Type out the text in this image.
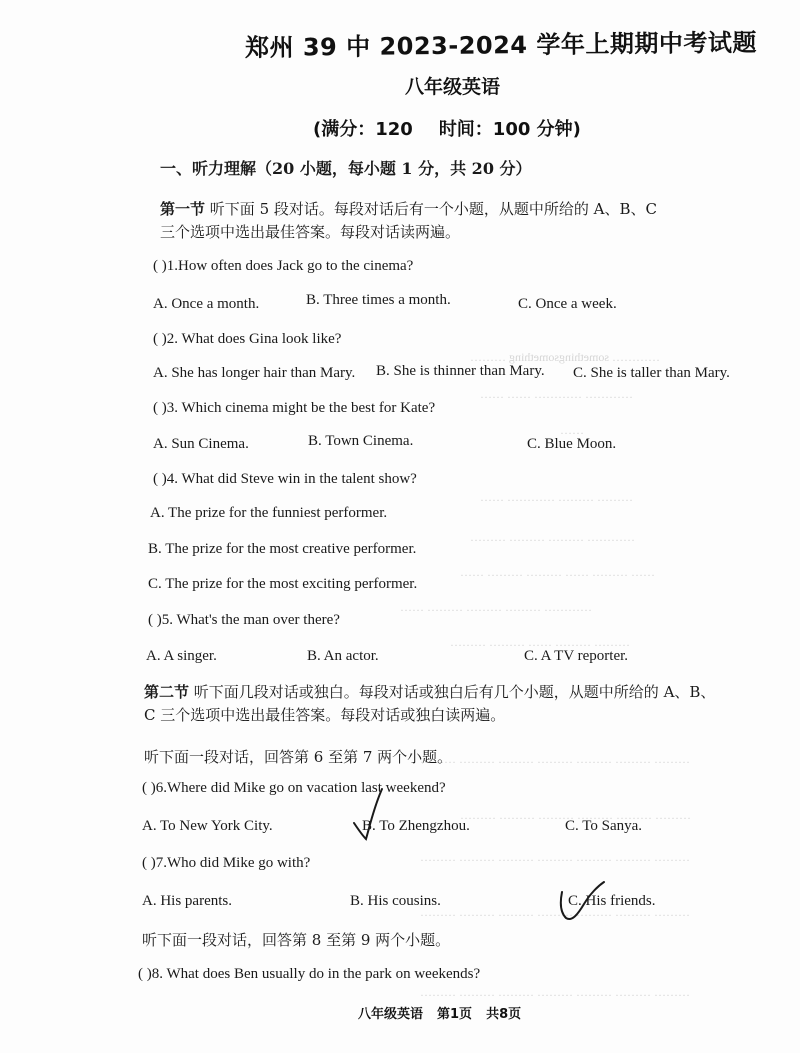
………… somethingsomething ………
………… ………… …… ……
……
……… ……… ………… ……
………… ……… ……… ………
…… ……… …… ……… ……… ……
………… ……… ……… ……… ……
……… ……… …… ……… ………
……… ……… ……… ……… ……… ……… ………
……… ……… ……… ……… ……… ………
……… ……… ……… ……… ……… ……… ………
……… ……… ……… ……… ……… ……… ………
……… ……… ……… ……… ……… ……… ………
郑州 39 中 2023-2024 学年上期期中考试题
八年级英语
(满分：120 时间：100 分钟)
一、听力理解（20 小题，每小题 1 分，共 20 分）
第一节 听下面 5 段对话。每段对话后有一个小题，从题中所给的 A、B、C
三个选项中选出最佳答案。每段对话读两遍。
( )1.How often does Jack go to the cinema?
A. Once a month.	B. Three times a month.	C. Once a week.
( )2. What does Gina look like?
A. She has longer hair than Mary. B. She is thinner than Mary. C. She is taller than Mary.
( )3. Which cinema might be the best for Kate?
A. Sun Cinema.	B. Town Cinema.	C. Blue Moon.
( )4. What did Steve win in the talent show?
A. The prize for the funniest performer.
B. The prize for the most creative performer.
C. The prize for the most exciting performer.
( )5. What's the man over there?
A. A singer.	B. An actor.	C. A TV reporter.
第二节 听下面几段对话或独白。每段对话或独白后有几个小题，从题中所给的 A、B、
C 三个选项中选出最佳答案。每段对话或独白读两遍。
听下面一段对话，回答第 6 至第 7 两个小题。
( )6.Where did Mike go on vacation last weekend?
A. To New York City.	B. To Zhengzhou.	C. To Sanya.
( )7.Who did Mike go with?
A. His parents.	B. His cousins.	C. His friends.
听下面一段对话，回答第 8 至第 9 两个小题。
( )8. What does Ben usually do in the park on weekends?
八年级英语 第1页 共8页
